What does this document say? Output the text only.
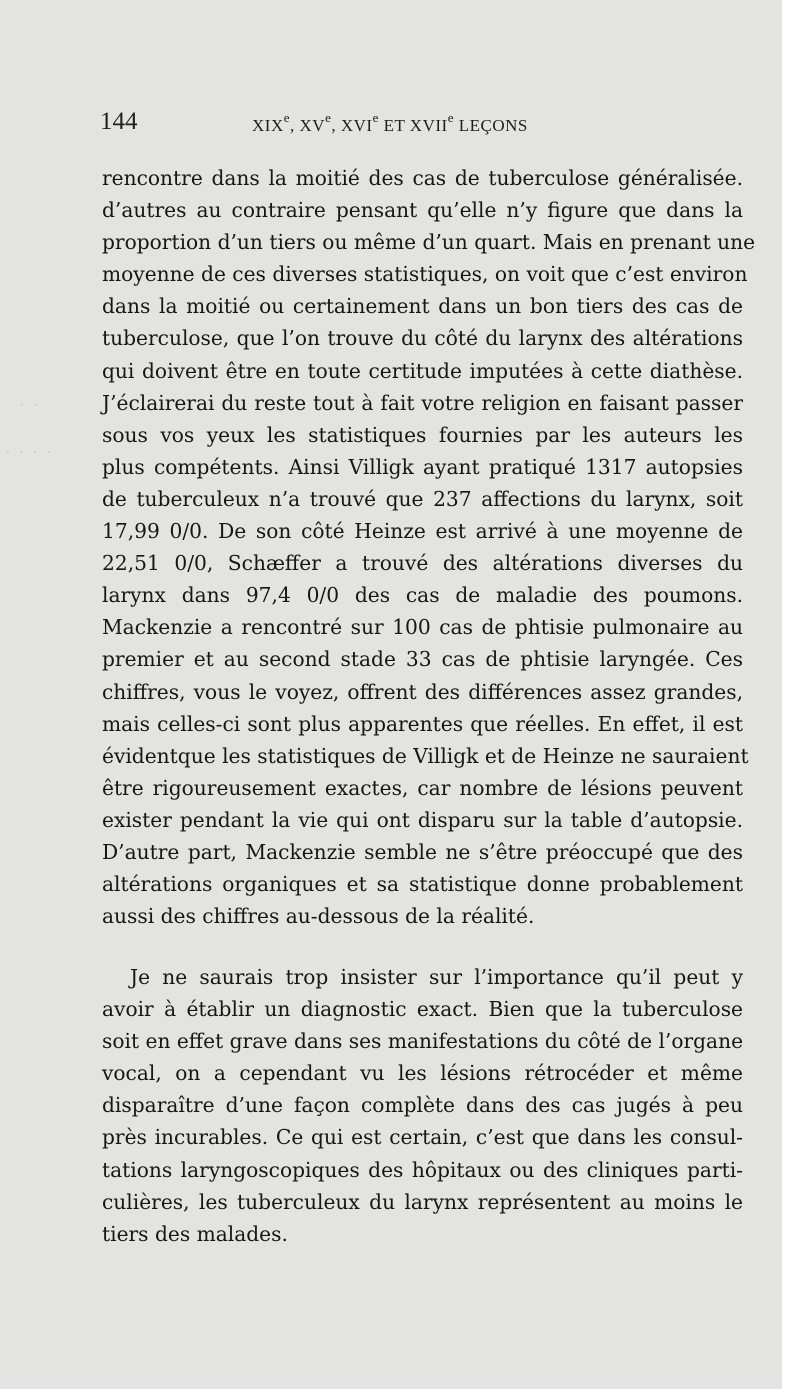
144	XIXe, XVe, XVIe ET XVIIe LEÇONS
rencontre dans la moitié des cas de tuberculose généralisée.
d’autres au contraire pensant qu’elle n’y figure que dans la
proportion d’un tiers ou même d’un quart. Mais en prenant une
moyenne de ces diverses statistiques, on voit que c’est environ
dans la moitié ou certainement dans un bon tiers des cas de
tuberculose, que l’on trouve du côté du larynx des altérations
qui doivent être en toute certitude imputées à cette diathèse.
J’éclairerai du reste tout à fait votre religion en faisant passer
sous vos yeux les statistiques fournies par les auteurs les
plus compétents. Ainsi Villigk ayant pratiqué 1317 autopsies
de tuberculeux n’a trouvé que 237 affections du larynx, soit
17,99 0/0. De son côté Heinze est arrivé à une moyenne de
22,51 0/0, Schæffer a trouvé des altérations diverses du
larynx dans 97,4 0/0 des cas de maladie des poumons.
Mackenzie a rencontré sur 100 cas de phtisie pulmonaire au
premier et au second stade 33 cas de phtisie laryngée. Ces
chiffres, vous le voyez, offrent des différences assez grandes,
mais celles-ci sont plus apparentes que réelles. En effet, il est
évidentque les statistiques de Villigk et de Heinze ne sauraient
être rigoureusement exactes, car nombre de lésions peuvent
exister pendant la vie qui ont disparu sur la table d’autopsie.
D’autre part, Mackenzie semble ne s’être préoccupé que des
altérations organiques et sa statistique donne probablement
aussi des chiffres au-dessous de la réalité.
Je ne saurais trop insister sur l’importance qu’il peut y
avoir à établir un diagnostic exact. Bien que la tuberculose
soit en effet grave dans ses manifestations du côté de l’organe
vocal, on a cependant vu les lésions rétrocéder et même
disparaître d’une façon complète dans des cas jugés à peu
près incurables. Ce qui est certain, c’est que dans les consul-
tations laryngoscopiques des hôpitaux ou des cliniques parti-
culières, les tuberculeux du larynx représentent au moins le
tiers des malades.
· · · ·
· ·
